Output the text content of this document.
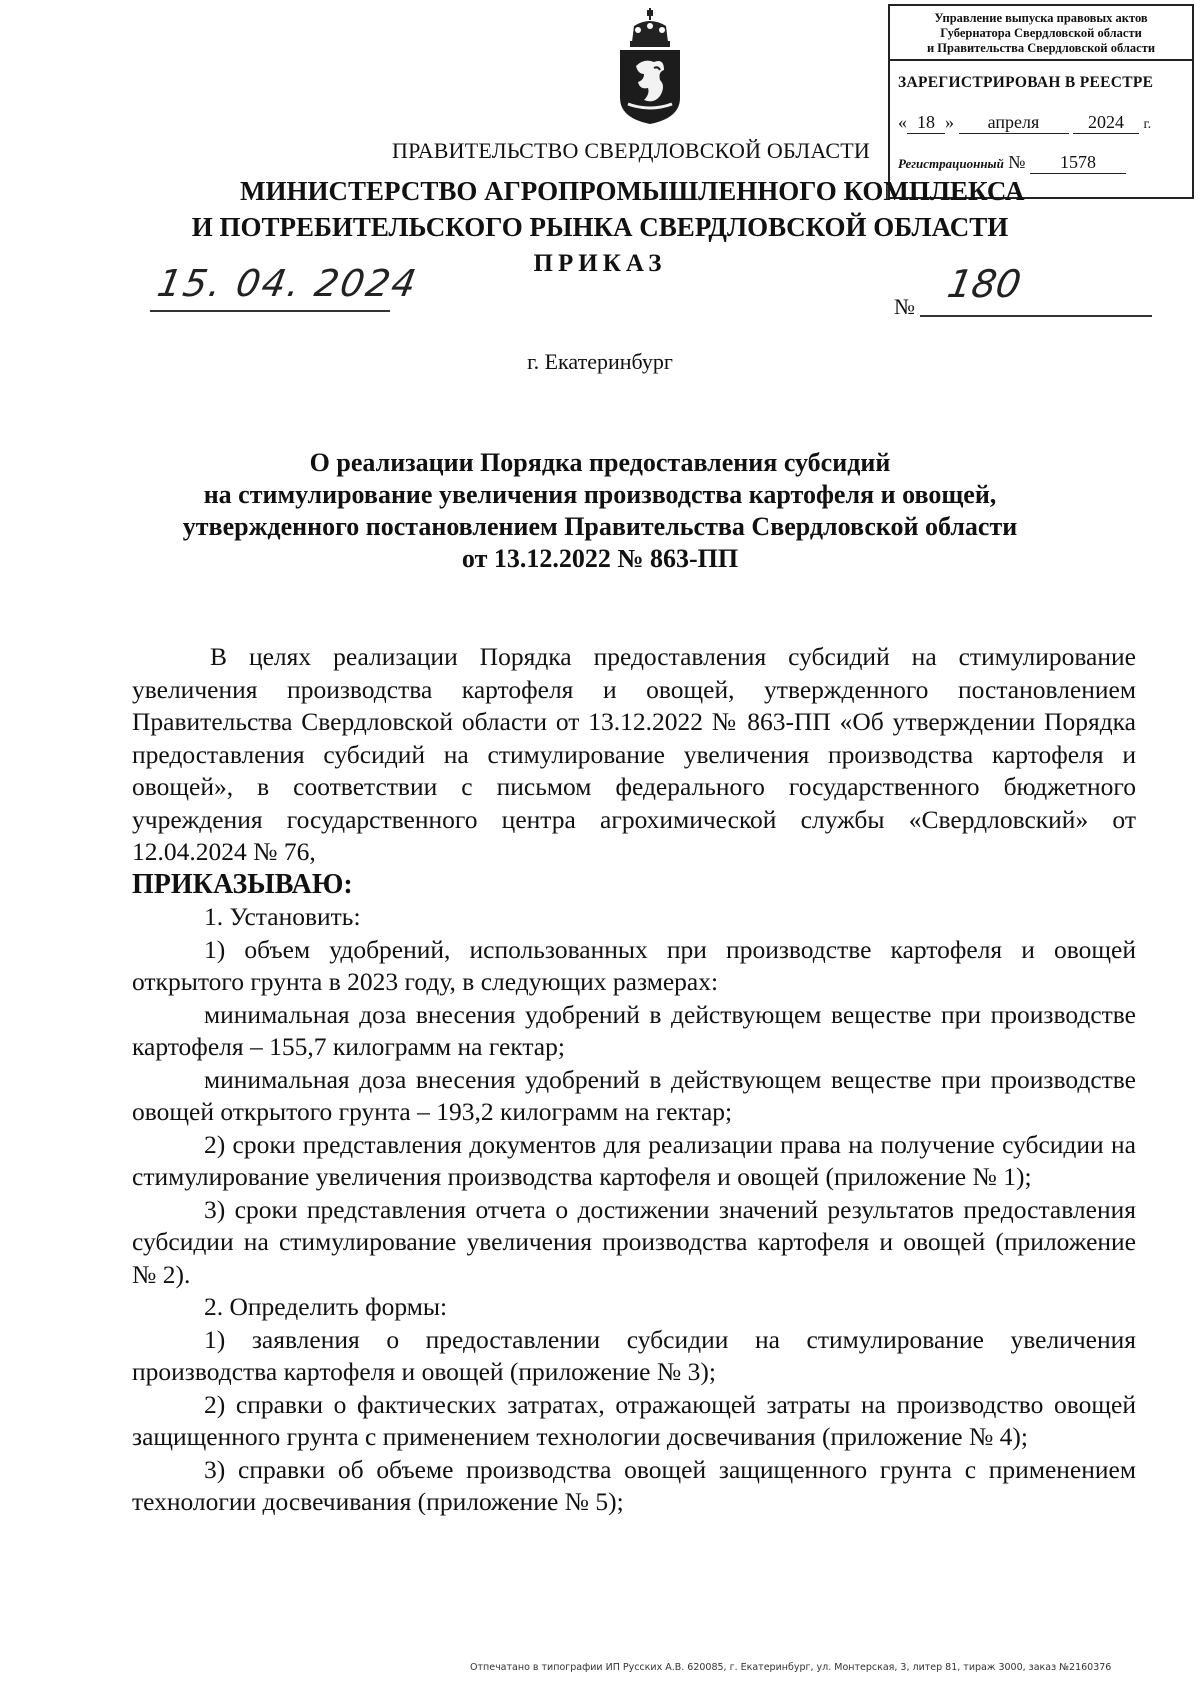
Управление выпуска правовых актов
Губернатора Свердловской области
и Правительства Свердловской области
ЗАРЕГИСТРИРОВАН В РЕЕСТРЕ
« 18 » апреля	2024 г.
Регистрационный № 1578
ПРАВИТЕЛЬСТВО СВЕРДЛОВСКОЙ ОБЛАСТИ
МИНИСТЕРСТВО АГРОПРОМЫШЛЕННОГО КОМПЛЕКСА
И ПОТРЕБИТЕЛЬСКОГО РЫНКА СВЕРДЛОВСКОЙ ОБЛАСТИ
ПРИКАЗ
15. 04. 2024
№
180
г. Екатеринбург
О реализации Порядка предоставления субсидий
на стимулирование увеличения производства картофеля и овощей,
утвержденного постановлением Правительства Свердловской области
от 13.12.2022 № 863-ПП

В целях реализации Порядка предоставления субсидий на стимулирование увеличения производства картофеля и овощей, утвержденного постановлением Правительства Свердловской области от 13.12.2022 № 863-ПП «Об утверждении Порядка предоставления субсидий на стимулирование увеличения производства картофеля и овощей», в соответствии с письмом федерального государственного бюджетного учреждения государственного центра агрохимической службы «Свердловский» от 12.04.2024 № 76,

ПРИКАЗЫВАЮ:

1. Установить:

1) объем удобрений, использованных при производстве картофеля и овощей открытого грунта в 2023 году, в следующих размерах:

минимальная доза внесения удобрений в действующем веществе при производстве картофеля – 155,7 килограмм на гектар;

минимальная доза внесения удобрений в действующем веществе при производстве овощей открытого грунта – 193,2 килограмм на гектар;

2) сроки представления документов для реализации права на получение субсидии на стимулирование увеличения производства картофеля и овощей (приложение № 1);

3) сроки представления отчета о достижении значений результатов предоставления субсидии на стимулирование увеличения производства картофеля и овощей (приложение № 2).

2. Определить формы:

1) заявления о предоставлении субсидии на стимулирование увеличения производства картофеля и овощей (приложение № 3);

2) справки о фактических затратах, отражающей затраты на производство овощей защищенного грунта с применением технологии досвечивания (приложение № 4);

3) справки об объеме производства овощей защищенного грунта с применением технологии досвечивания (приложение № 5);

Отпечатано в типографии ИП Русских А.В. 620085, г. Екатеринбург, ул. Монтерская, 3, литер 81, тираж 3000, заказ №2160376
